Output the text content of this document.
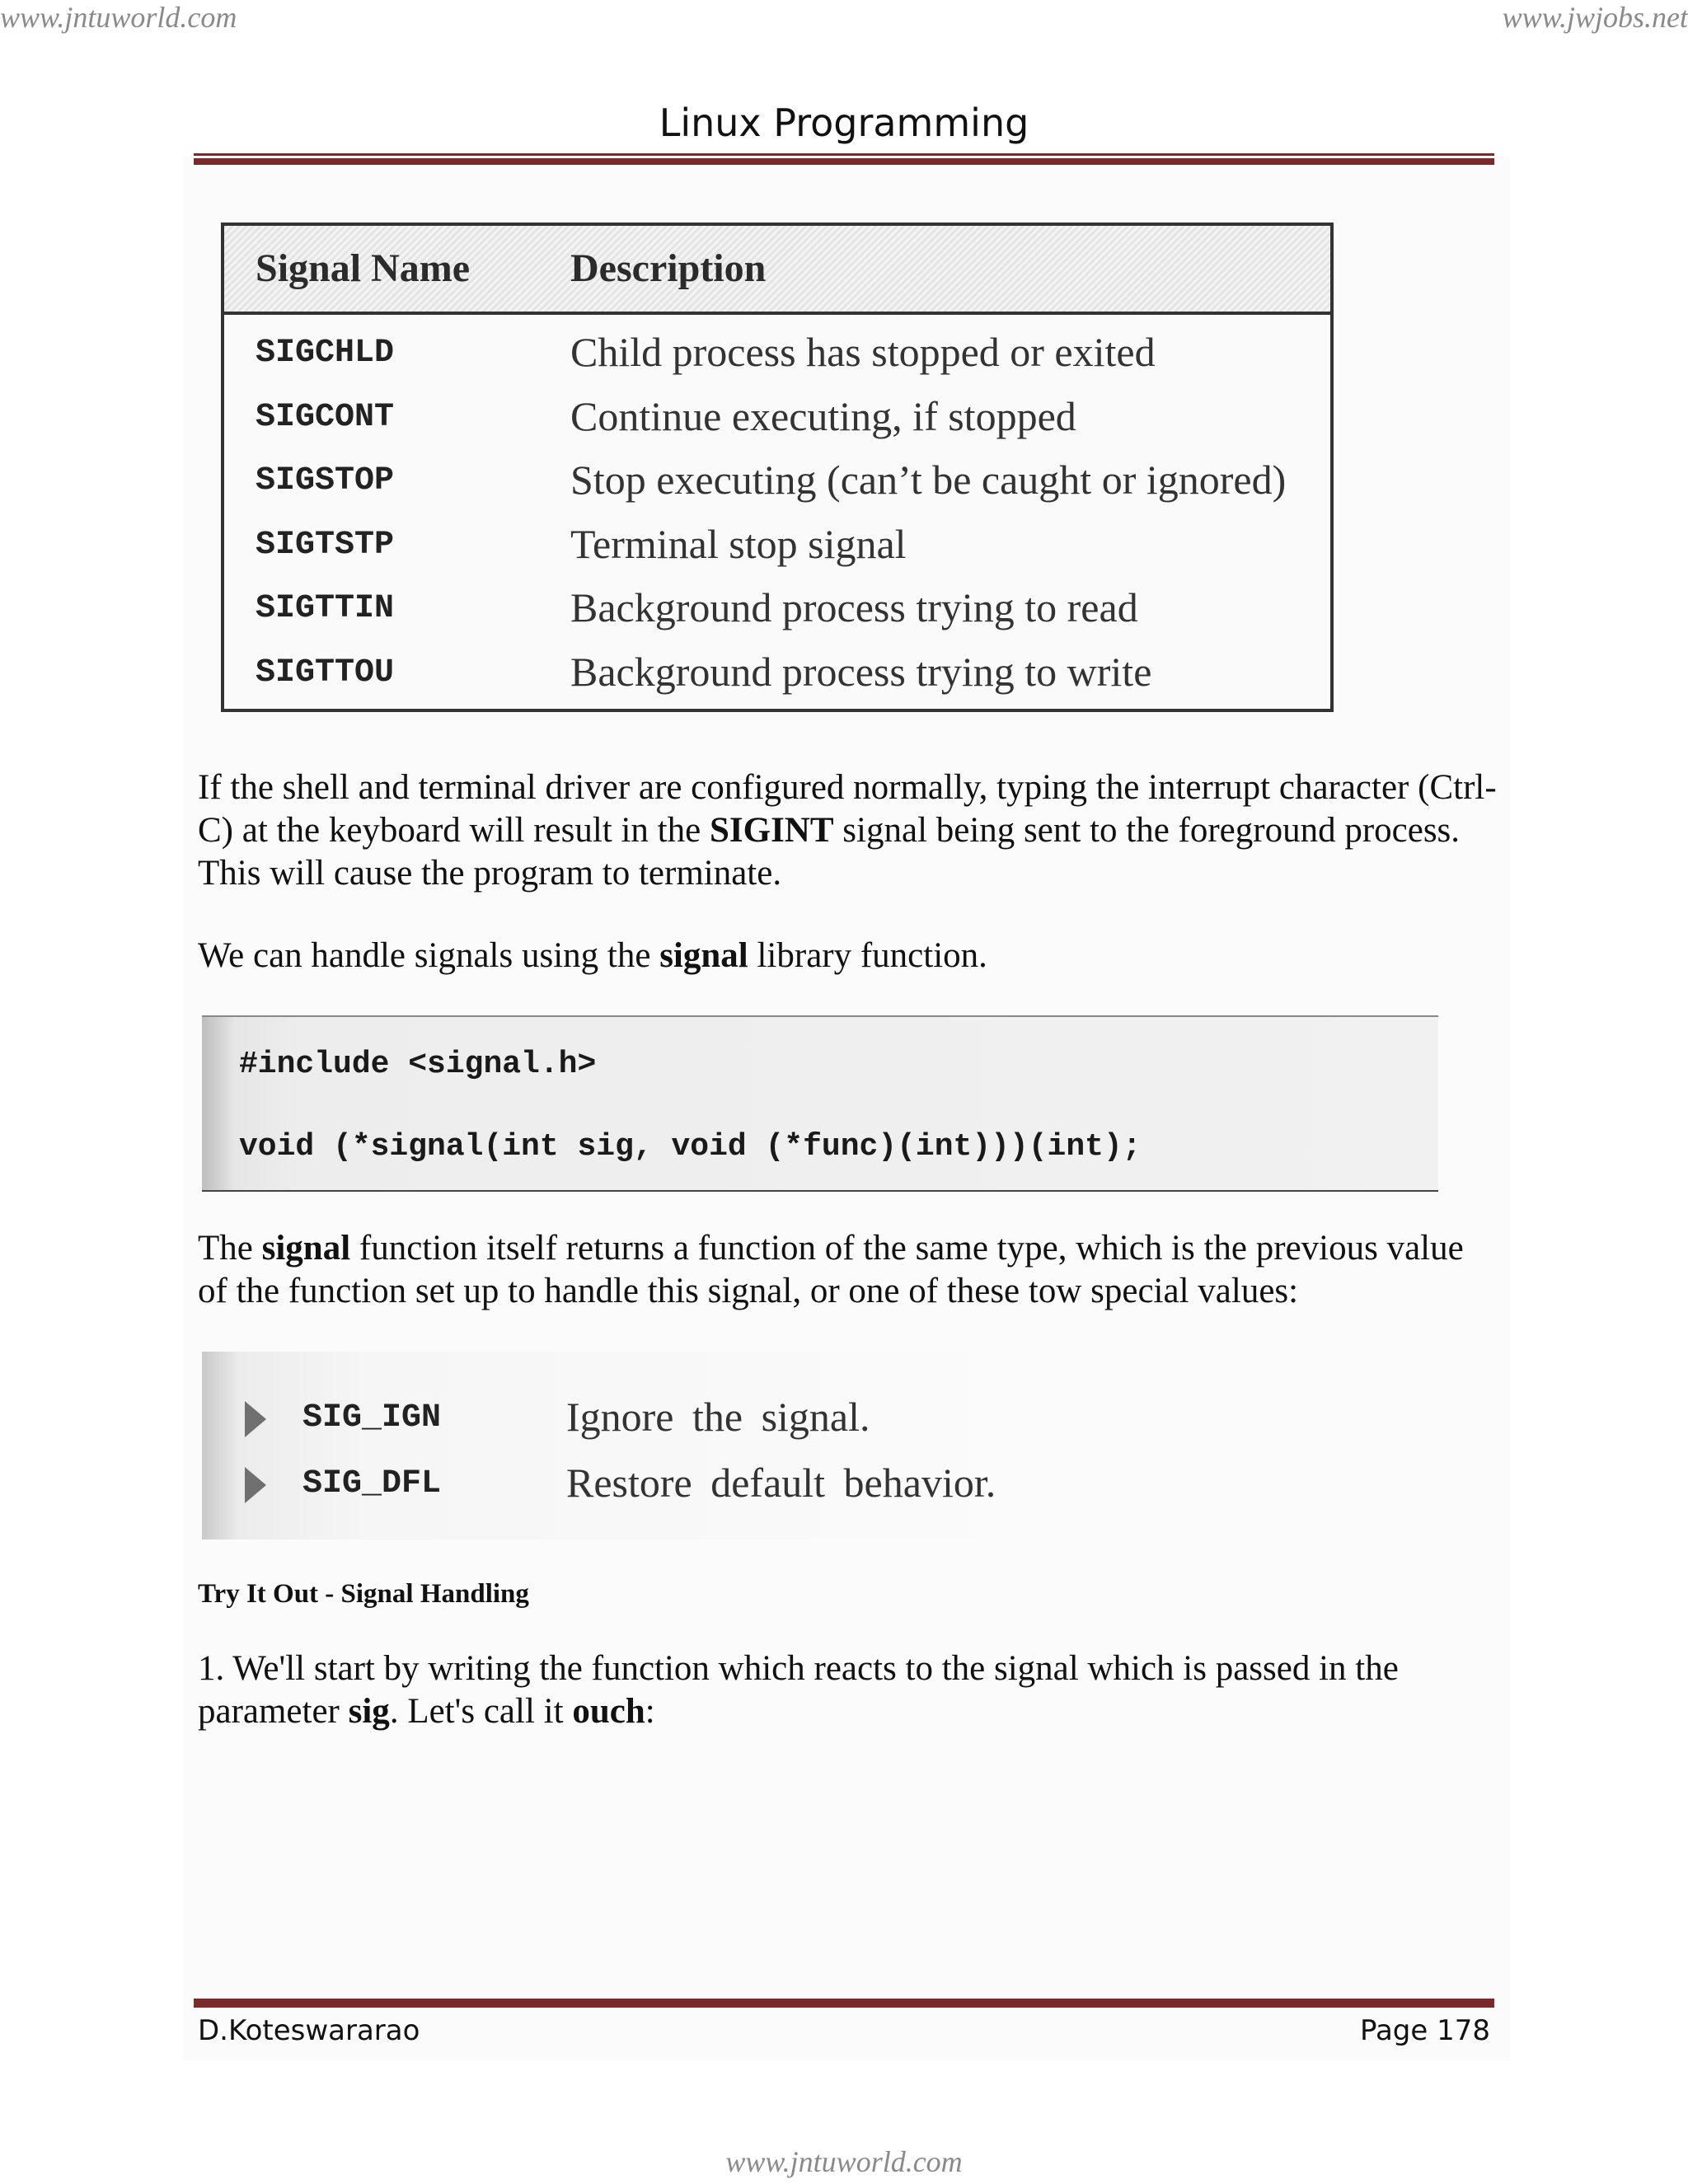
www.jntuworld.com	www.jwjobs.net
Linux Programming
Signal Name	Description
SIGCHLD	Child process has stopped or exited
SIGCONT	Continue executing, if stopped
SIGSTOP	Stop executing (can’t be caught or ignored)
SIGTSTP	Terminal stop signal
SIGTTIN	Background process trying to read
SIGTTOU	Background process trying to write
If the shell and terminal driver are configured normally, typing the interrupt character (Ctrl-C) at the keyboard will result in the SIGINT signal being sent to the foreground process. This will cause the program to terminate.
We can handle signals using the signal library function.
#include <signal.h>
void (*signal(int sig, void (*func)(int)))(int);
The signal function itself returns a function of the same type, which is the previous value of the function set up to handle this signal, or one of these tow special values:
SIG_IGN	Ignore the signal.
SIG_DFL	Restore default behavior.
Try It Out - Signal Handling
1. We'll start by writing the function which reacts to the signal which is passed in the parameter sig. Let's call it ouch:
D.Koteswararao	Page 178
www.jntuworld.com
